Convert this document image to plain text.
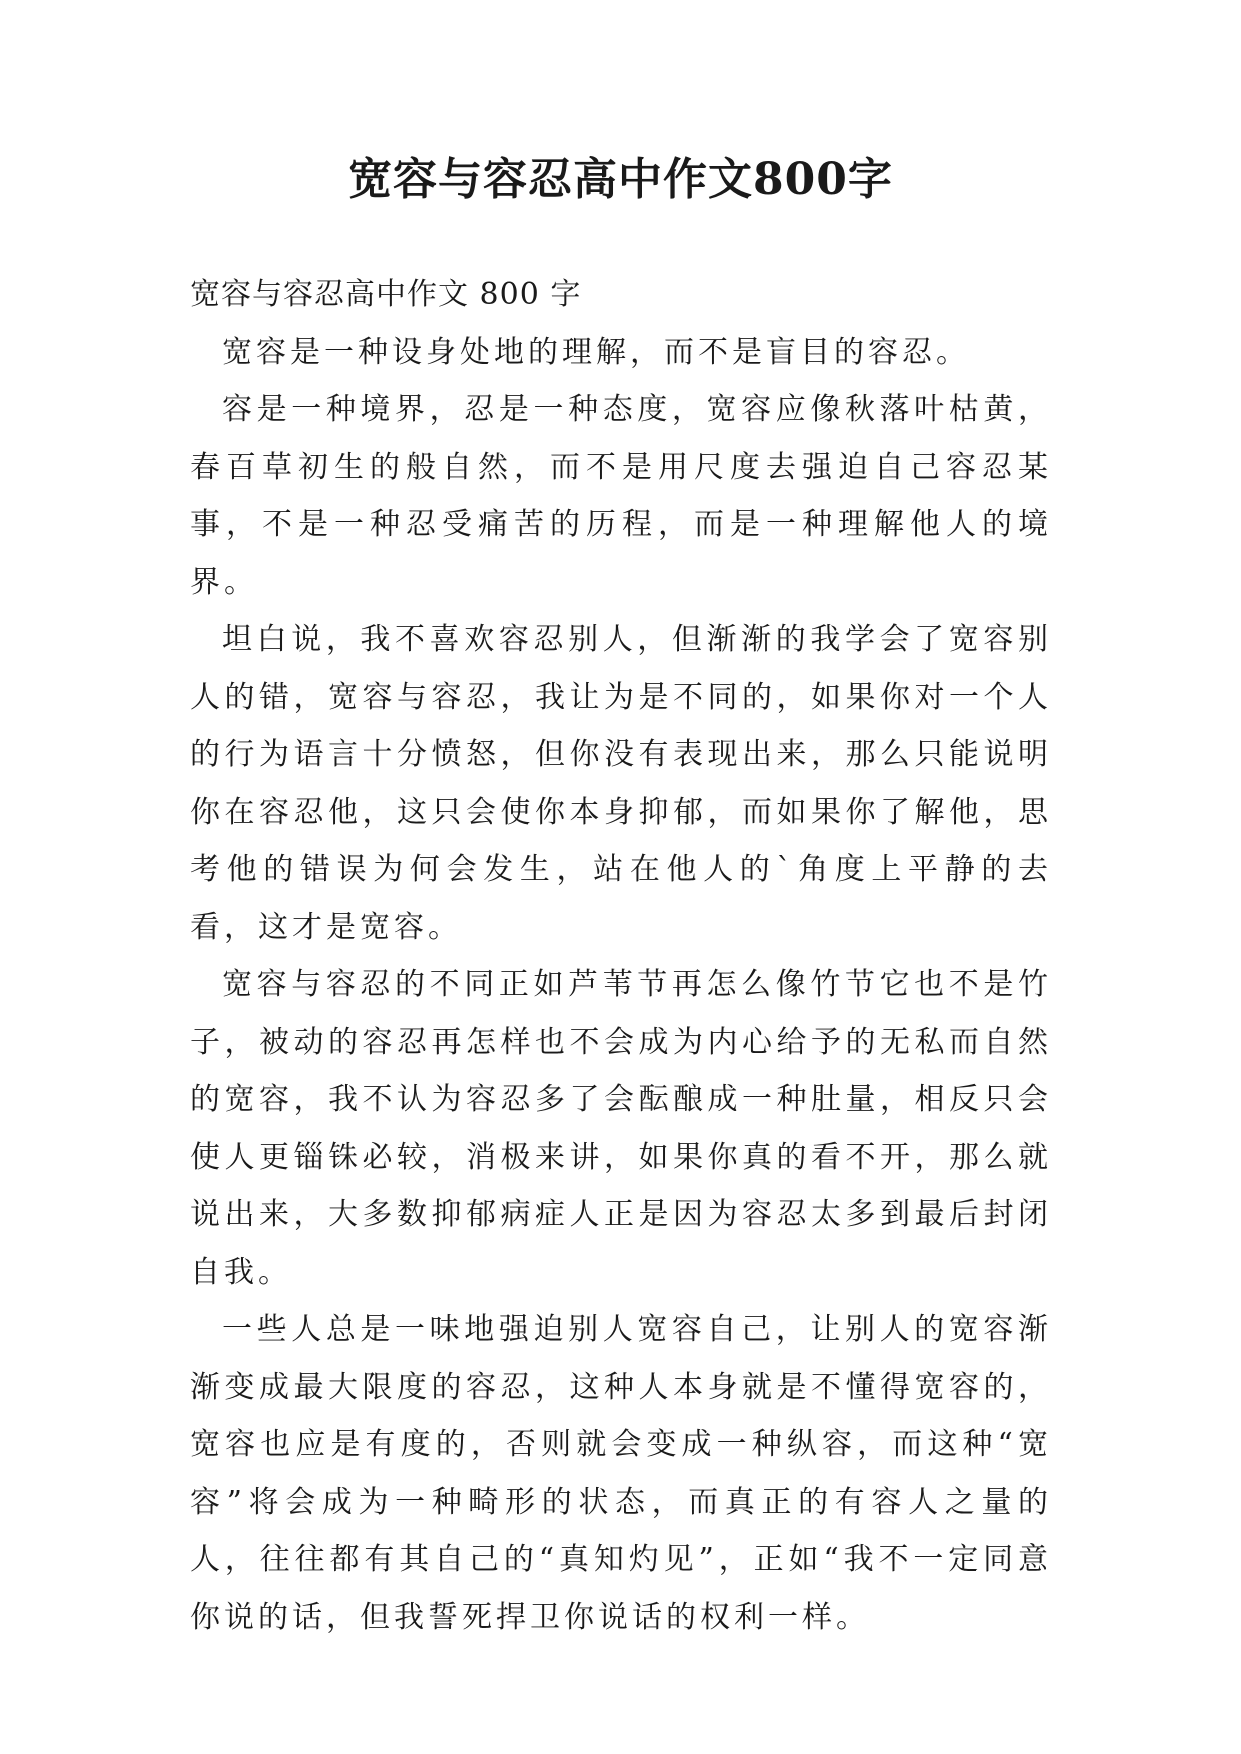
宽容与容忍高中作文800字

宽容与容忍高中作文 800 字

宽容是一种设身处地的理解，而不是盲目的容忍。

容是一种境界，忍是一种态度，宽容应像秋落叶枯黄，春百草初生的般自然，而不是用尺度去强迫自己容忍某事，不是一种忍受痛苦的历程，而是一种理解他人的境界。

坦白说，我不喜欢容忍别人，但渐渐的我学会了宽容别人的错，宽容与容忍，我让为是不同的，如果你对一个人的行为语言十分愤怒，但你没有表现出来，那么只能说明你在容忍他，这只会使你本身抑郁，而如果你了解他，思考他的错误为何会发生，站在他人的`角度上平静的去看，这才是宽容。

宽容与容忍的不同正如芦苇节再怎么像竹节它也不是竹子，被动的容忍再怎样也不会成为内心给予的无私而自然的宽容，我不认为容忍多了会酝酿成一种肚量，相反只会使人更锱铢必较，消极来讲，如果你真的看不开，那么就说出来，大多数抑郁病症人正是因为容忍太多到最后封闭自我。

一些人总是一味地强迫别人宽容自己，让别人的宽容渐渐变成最大限度的容忍，这种人本身就是不懂得宽容的，宽容也应是有度的，否则就会变成一种纵容，而这种“宽容”将会成为一种畸形的状态，而真正的有容人之量的人，往往都有其自己的“真知灼见”，正如“我不一定同意你说的话，但我誓死捍卫你说话的权利一样。
